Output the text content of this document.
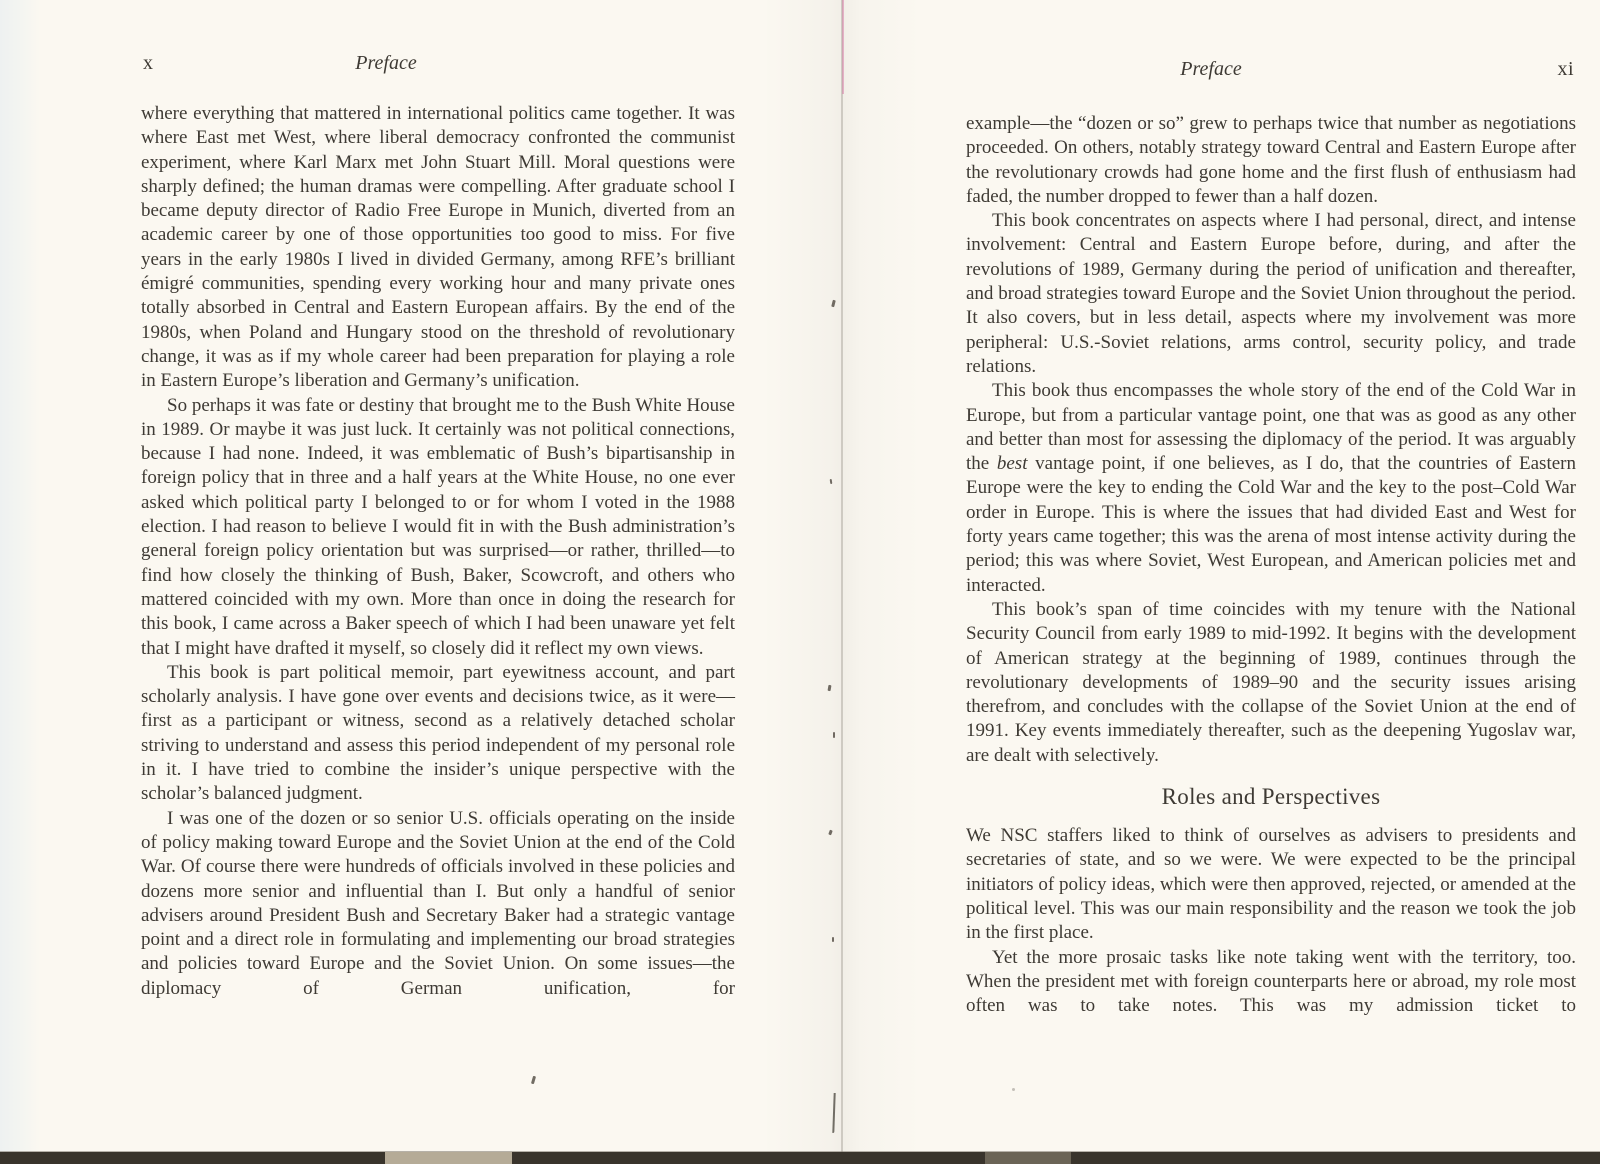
x	Preface

where everything that mattered in international politics came together. It was where East met West, where liberal democracy confronted the communist experiment, where Karl Marx met John Stuart Mill. Moral questions were sharply defined; the human dramas were compelling. After graduate school I became deputy director of Radio Free Europe in Munich, diverted from an academic career by one of those opportunities too good to miss. For five years in the early 1980s I lived in divided Germany, among RFE’s brilliant émigré communities, spending every working hour and many private ones totally absorbed in Central and Eastern European affairs. By the end of the 1980s, when Poland and Hungary stood on the threshold of revolutionary change, it was as if my whole career had been preparation for playing a role in Eastern Europe’s liberation and Germany’s unification.

So perhaps it was fate or destiny that brought me to the Bush White House in 1989. Or maybe it was just luck. It certainly was not political connections, because I had none. Indeed, it was emblematic of Bush’s bipartisanship in foreign policy that in three and a half years at the White House, no one ever asked which political party I belonged to or for whom I voted in the 1988 election. I had reason to believe I would fit in with the Bush administration’s general foreign policy orientation but was surprised—or rather, thrilled—to find how closely the thinking of Bush, Baker, Scowcroft, and others who mattered coincided with my own. More than once in doing the research for this book, I came across a Baker speech of which I had been unaware yet felt that I might have drafted it myself, so closely did it reflect my own views.

This book is part political memoir, part eyewitness account, and part scholarly analysis. I have gone over events and decisions twice, as it were—first as a participant or witness, second as a relatively detached scholar striving to understand and assess this period independent of my personal role in it. I have tried to combine the insider’s unique perspective with the scholar’s balanced judgment.

I was one of the dozen or so senior U.S. officials operating on the inside of policy making toward Europe and the Soviet Union at the end of the Cold War. Of course there were hundreds of officials involved in these policies and dozens more senior and influential than I. But only a handful of senior advisers around President Bush and Secretary Baker had a strategic vantage point and a direct role in formulating and implementing our broad strategies and policies toward Europe and the Soviet Union. On some issues—the diplomacy of German unification, for

Preface	xi

example—the “dozen or so” grew to perhaps twice that number as negotiations proceeded. On others, notably strategy toward Central and Eastern Europe after the revolutionary crowds had gone home and the first flush of enthusiasm had faded, the number dropped to fewer than a half dozen.

This book concentrates on aspects where I had personal, direct, and intense involvement: Central and Eastern Europe before, during, and after the revolutions of 1989, Germany during the period of unification and thereafter, and broad strategies toward Europe and the Soviet Union throughout the period. It also covers, but in less detail, aspects where my involvement was more peripheral: U.S.-Soviet relations, arms control, security policy, and trade relations.

This book thus encompasses the whole story of the end of the Cold War in Europe, but from a particular vantage point, one that was as good as any other and better than most for assessing the diplomacy of the period. It was arguably the best vantage point, if one believes, as I do, that the countries of Eastern Europe were the key to ending the Cold War and the key to the post–Cold War order in Europe. This is where the issues that had divided East and West for forty years came together; this was the arena of most intense activity during the period; this was where Soviet, West European, and American policies met and interacted.

This book’s span of time coincides with my tenure with the National Security Council from early 1989 to mid-1992. It begins with the development of American strategy at the beginning of 1989, continues through the revolutionary developments of 1989–90 and the security issues arising therefrom, and concludes with the collapse of the Soviet Union at the end of 1991. Key events immediately thereafter, such as the deepening Yugoslav war, are dealt with selectively.

Roles and Perspectives

We NSC staffers liked to think of ourselves as advisers to presidents and secretaries of state, and so we were. We were expected to be the principal initiators of policy ideas, which were then approved, rejected, or amended at the political level. This was our main responsibility and the reason we took the job in the first place.

Yet the more prosaic tasks like note taking went with the territory, too. When the president met with foreign counterparts here or abroad, my role most often was to take notes. This was my admission ticket to
